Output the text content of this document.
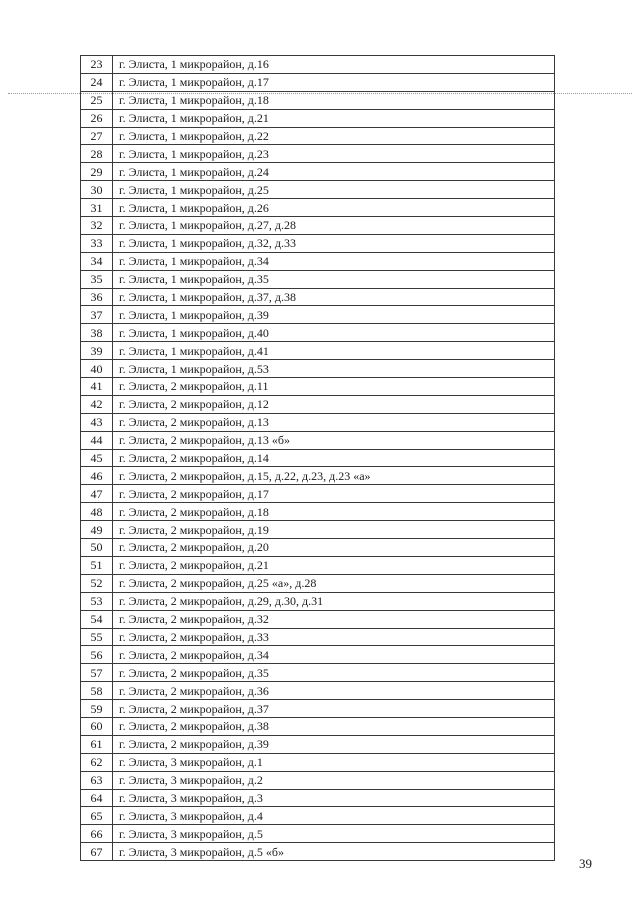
23	г. Элиста, 1 микрорайон, д.16
24	г. Элиста, 1 микрорайон, д.17
25	г. Элиста, 1 микрорайон, д.18
26	г. Элиста, 1 микрорайон, д.21
27	г. Элиста, 1 микрорайон, д.22
28	г. Элиста, 1 микрорайон, д.23
29	г. Элиста, 1 микрорайон, д.24
30	г. Элиста, 1 микрорайон, д.25
31	г. Элиста, 1 микрорайон, д.26
32	г. Элиста, 1 микрорайон, д.27, д.28
33	г. Элиста, 1 микрорайон, д.32, д.33
34	г. Элиста, 1 микрорайон, д.34
35	г. Элиста, 1 микрорайон, д.35
36	г. Элиста, 1 микрорайон, д.37, д.38
37	г. Элиста, 1 микрорайон, д.39
38	г. Элиста, 1 микрорайон, д.40
39	г. Элиста, 1 микрорайон, д.41
40	г. Элиста, 1 микрорайон, д.53
41	г. Элиста, 2 микрорайон, д.11
42	г. Элиста, 2 микрорайон, д.12
43	г. Элиста, 2 микрорайон, д.13
44	г. Элиста, 2 микрорайон, д.13 «б»
45	г. Элиста, 2 микрорайон, д.14
46	г. Элиста, 2 микрорайон, д.15, д.22, д.23, д.23 «а»
47	г. Элиста, 2 микрорайон, д.17
48	г. Элиста, 2 микрорайон, д.18
49	г. Элиста, 2 микрорайон, д.19
50	г. Элиста, 2 микрорайон, д.20
51	г. Элиста, 2 микрорайон, д.21
52	г. Элиста, 2 микрорайон, д.25 «а», д.28
53	г. Элиста, 2 микрорайон, д.29, д.30, д.31
54	г. Элиста, 2 микрорайон, д.32
55	г. Элиста, 2 микрорайон, д.33
56	г. Элиста, 2 микрорайон, д.34
57	г. Элиста, 2 микрорайон, д.35
58	г. Элиста, 2 микрорайон, д.36
59	г. Элиста, 2 микрорайон, д.37
60	г. Элиста, 2 микрорайон, д.38
61	г. Элиста, 2 микрорайон, д.39
62	г. Элиста, 3 микрорайон, д.1
63	г. Элиста, 3 микрорайон, д.2
64	г. Элиста, 3 микрорайон, д.3
65	г. Элиста, 3 микрорайон, д.4
66	г. Элиста, 3 микрорайон, д.5
67	г. Элиста, 3 микрорайон, д.5 «б»
39
